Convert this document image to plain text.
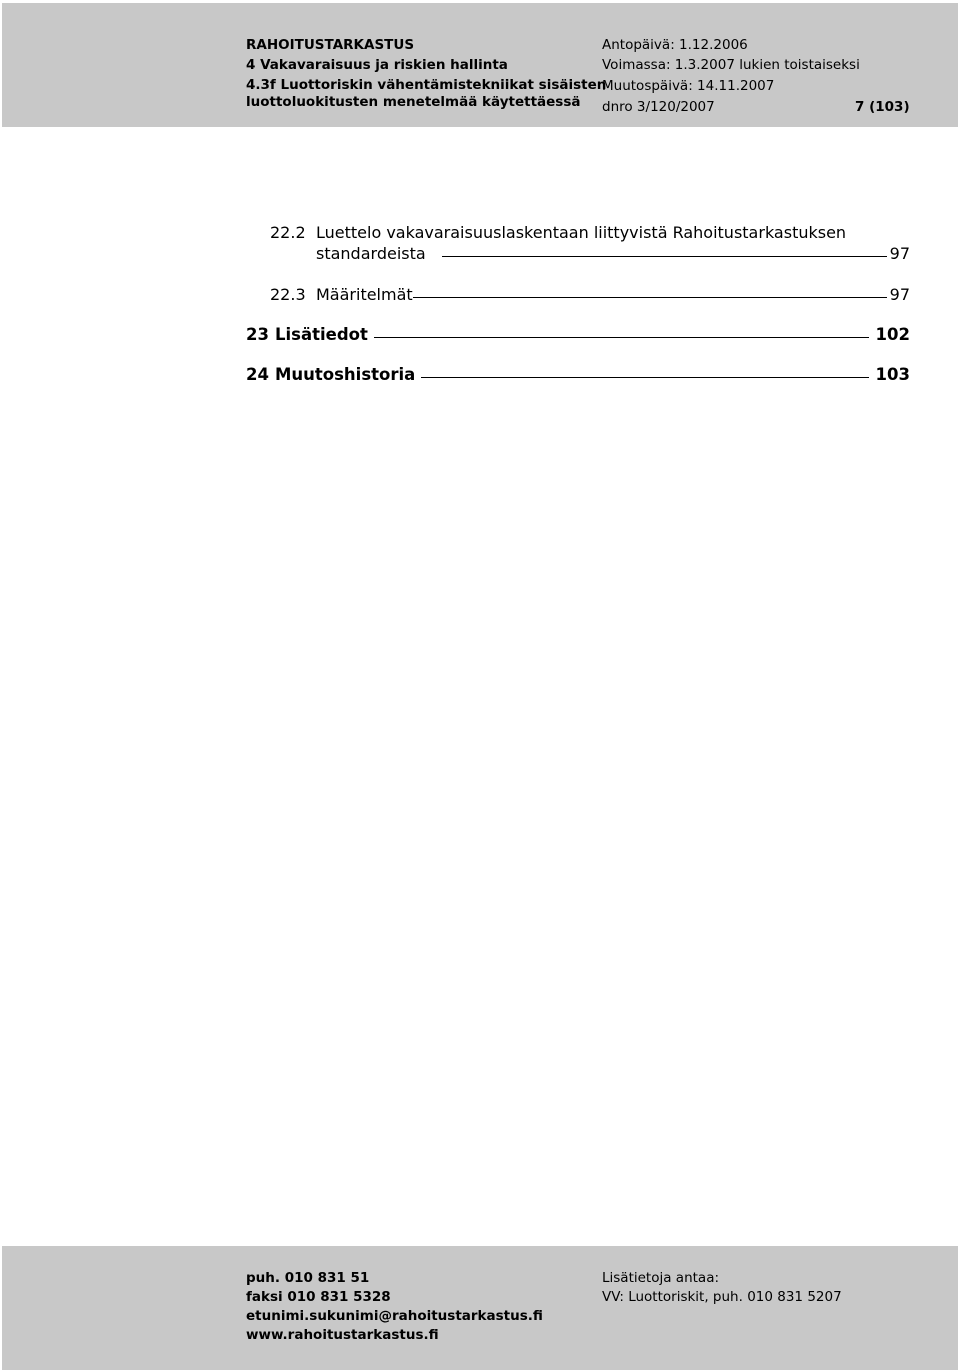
RAHOITUSTARKASTUS
4 Vakavaraisuus ja riskien hallinta
4.3f Luottoriskin vähentämistekniikat sisäisten
luottoluokitusten menetelmää käytettäessä
Antopäivä: 1.12.2006
Voimassa: 1.3.2007 lukien toistaiseksi
Muutospäivä: 14.11.2007
dnro 3/120/2007	7 (103)
22.2 Luettelo vakavaraisuuslaskentaan liittyvistä Rahoitustarkastuksen
standardeista	97
22.3 Määritelmät	97
23 Lisätiedot	102
24 Muutoshistoria	103
puh. 010 831 51
faksi 010 831 5328
etunimi.sukunimi@rahoitustarkastus.fi
www.rahoitustarkastus.fi
Lisätietoja antaa:
VV: Luottoriskit, puh. 010 831 5207
